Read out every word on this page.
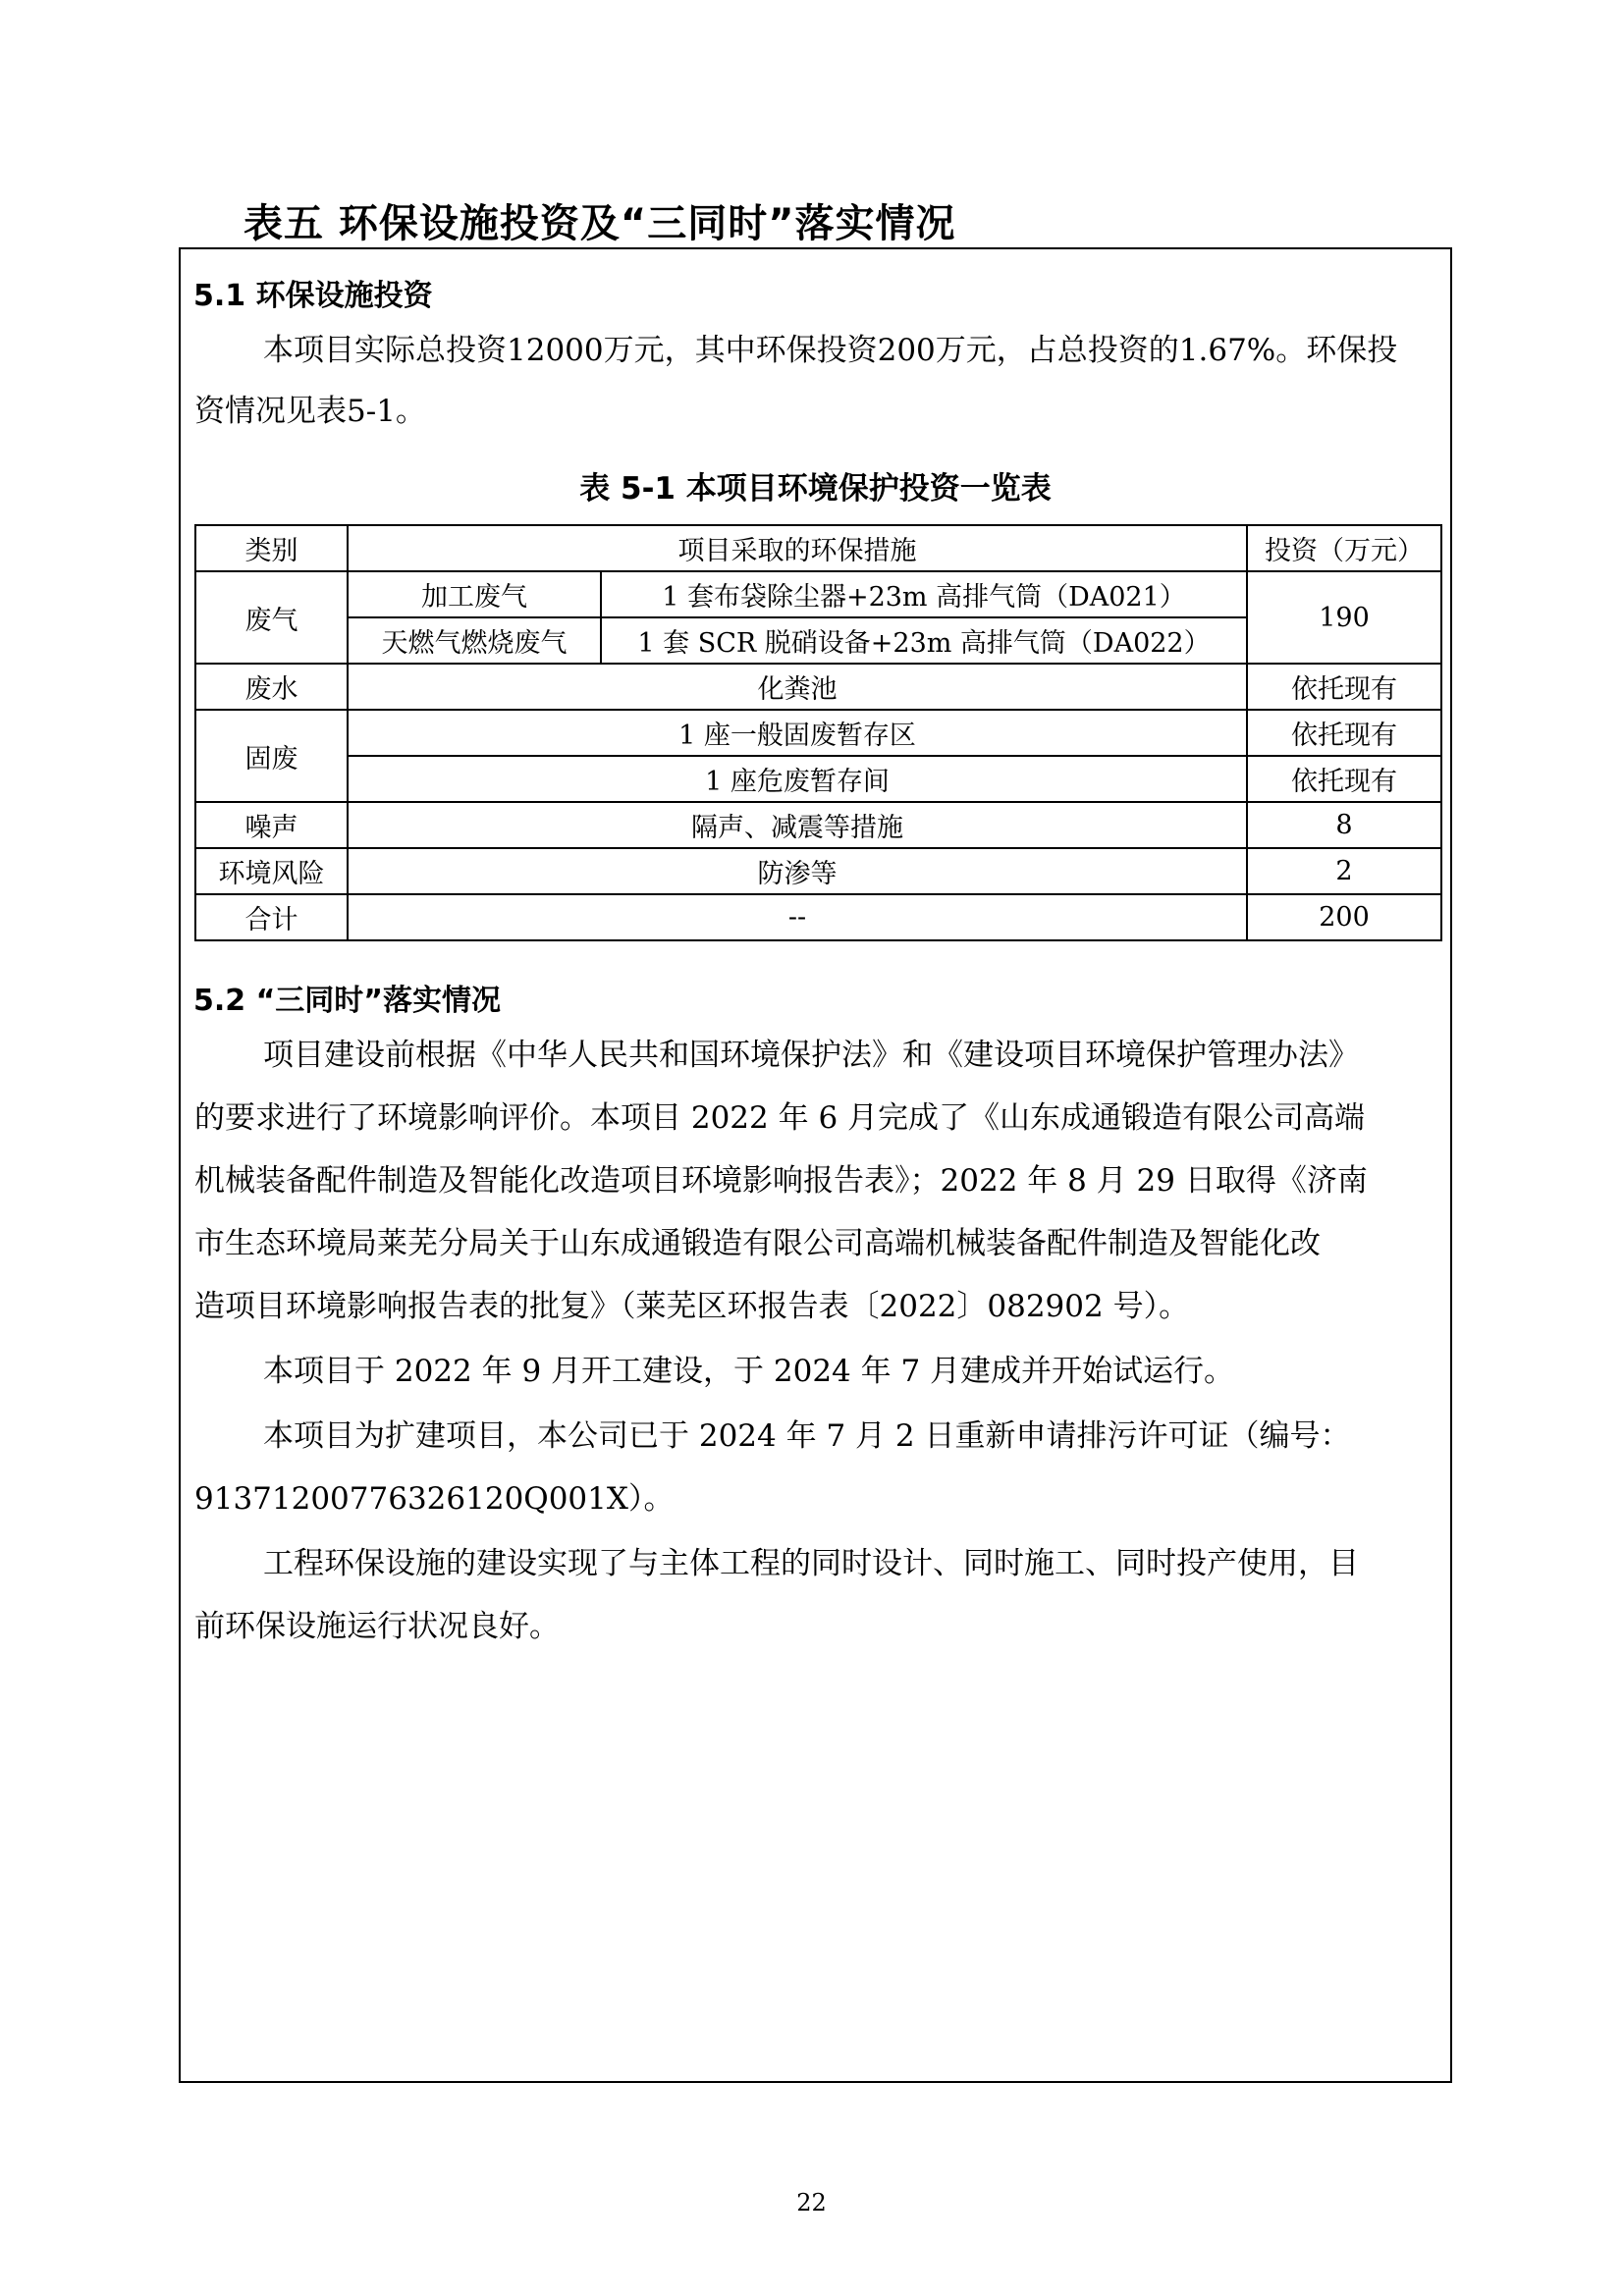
表五 环保设施投资及“三同时”落实情况
5.1 环保设施投资
本项目实际总投资12000万元，其中环保投资200万元，占总投资的1.67%。环保投
资情况见表5-1。
表 5-1 本项目环境保护投资一览表
类别	项目采取的环保措施		投资（万元）
废气	加工废气	1 套布袋除尘器+23m 高排气筒（DA021）	190
	天燃气燃烧废气	1 套 SCR 脱硝设备+23m 高排气筒（DA022）	
废水	化粪池		依托现有
固废	1 座一般固废暂存区		依托现有
	1 座危废暂存间		依托现有
噪声	隔声、减震等措施		8
环境风险	防渗等		2
合计	--		200
5.2 “三同时”落实情况
项目建设前根据《中华人民共和国环境保护法》和《建设项目环境保护管理办法》
的要求进行了环境影响评价。本项目 2022 年 6 月完成了《山东成通锻造有限公司高端
机械装备配件制造及智能化改造项目环境影响报告表》；2022 年 8 月 29 日取得《济南
市生态环境局莱芜分局关于山东成通锻造有限公司高端机械装备配件制造及智能化改
造项目环境影响报告表的批复》（莱芜区环报告表〔2022〕082902 号）。
本项目于 2022 年 9 月开工建设，于 2024 年 7 月建成并开始试运行。
本项目为扩建项目，本公司已于 2024 年 7 月 2 日重新申请排污许可证（编号：
91371200776326120Q001X）。
工程环保设施的建设实现了与主体工程的同时设计、同时施工、同时投产使用，目
前环保设施运行状况良好。
22
